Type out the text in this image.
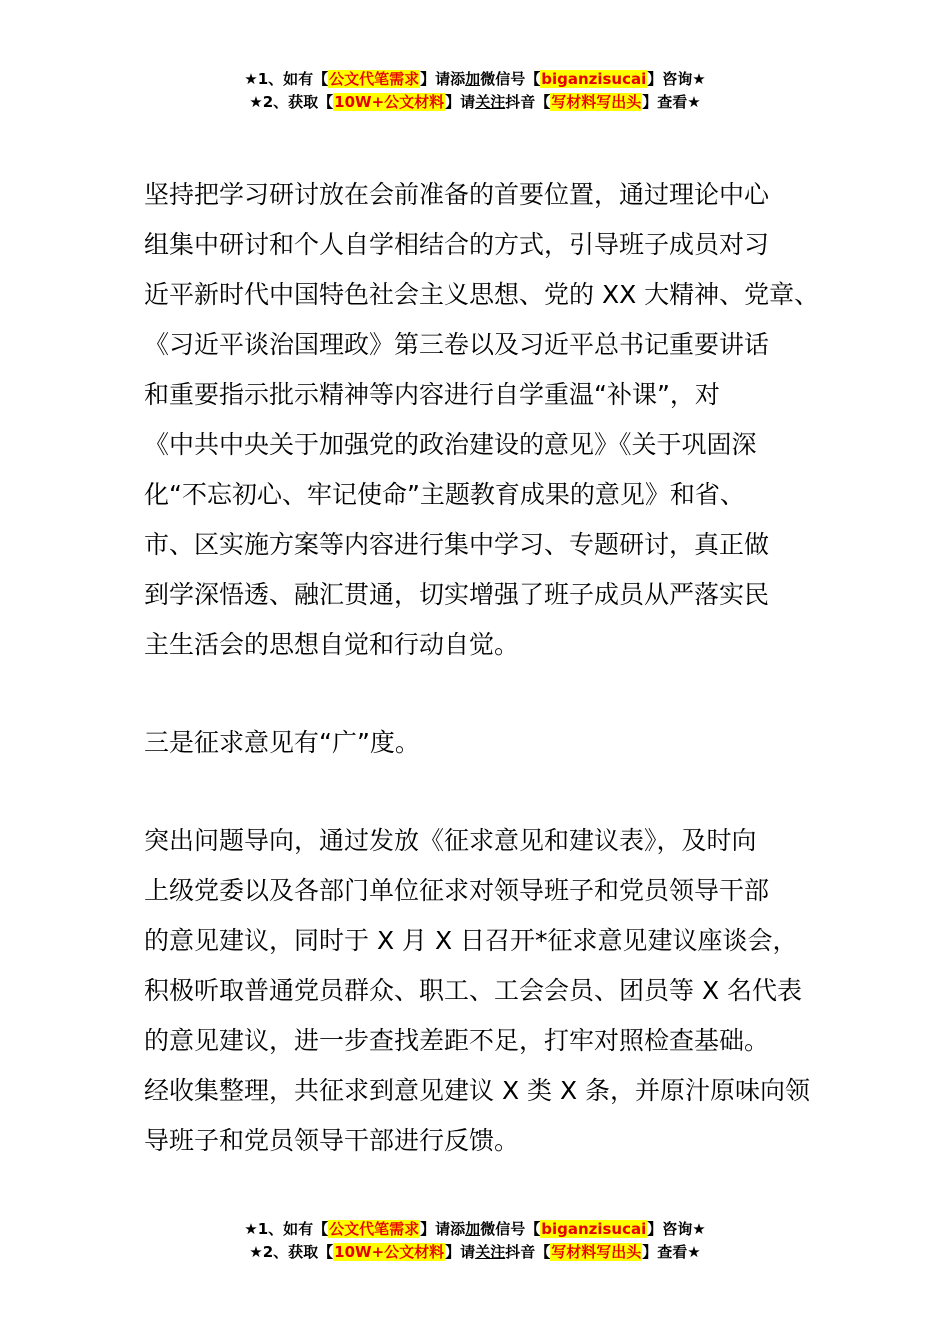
★1、如有【公文代笔需求】请添加微信号【biganzisucai】咨询★
★2、获取【10W+公文材料】请关注抖音【写材料写出头】查看★
坚持把学习研讨放在会前准备的首要位置，通过理论中心
组集中研讨和个人自学相结合的方式，引导班子成员对习
近平新时代中国特色社会主义思想、党的 XX 大精神、党章、
《习近平谈治国理政》第三卷以及习近平总书记重要讲话
和重要指示批示精神等内容进行自学重温“补课”，对
《中共中央关于加强党的政治建设的意见》《关于巩固深
化“不忘初心、牢记使命”主题教育成果的意见》和省、
市、区实施方案等内容进行集中学习、专题研讨，真正做
到学深悟透、融汇贯通，切实增强了班子成员从严落实民
主生活会的思想自觉和行动自觉。
三是征求意见有“广”度。
突出问题导向，通过发放《征求意见和建议表》，及时向
上级党委以及各部门单位征求对领导班子和党员领导干部
的意见建议，同时于 X 月 X 日召开*征求意见建议座谈会，
积极听取普通党员群众、职工、工会会员、团员等 X 名代表
的意见建议，进一步查找差距不足，打牢对照检查基础。
经收集整理，共征求到意见建议 X 类 X 条，并原汁原味向领
导班子和党员领导干部进行反馈。
★1、如有【公文代笔需求】请添加微信号【biganzisucai】咨询★
★2、获取【10W+公文材料】请关注抖音【写材料写出头】查看★
